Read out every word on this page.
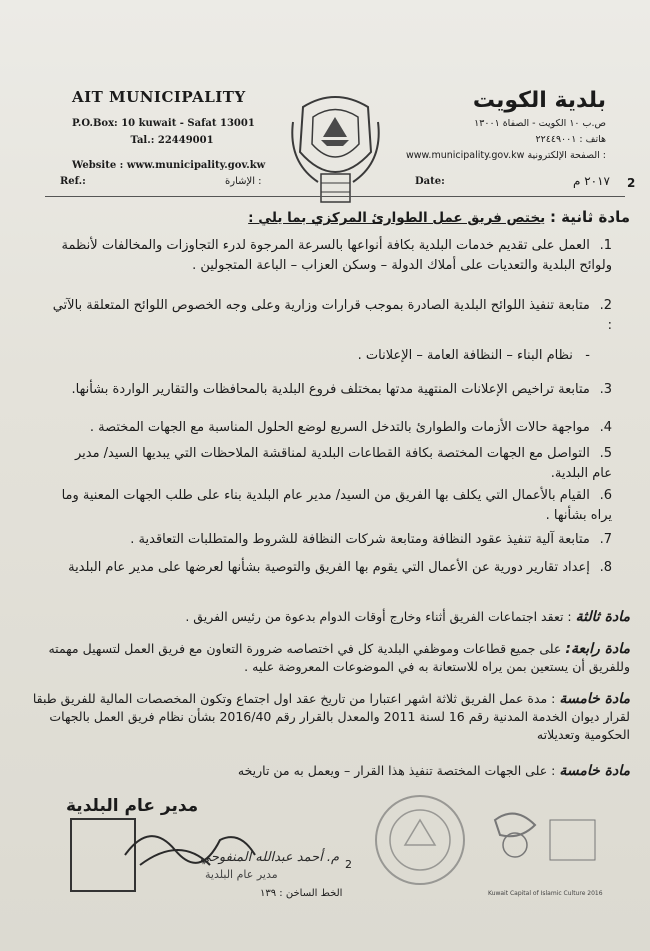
AIT MUNICIPALITY
P.O.Box: 10 kuwait - Safat 13001
Tal.: 22449001
Website : www.municipality.gov.kw
بلدية الكويت
ص.ب ١٠ الكويت - الصفاة ١٣٠٠١
هاتف : ٢٢٤٤٩٠٠١
www.municipality.gov.kw الصفحة الإلكترونية :
Ref.:	الإشارة :	Date:	٢٠١٧ م 2
مادة ثانية : يختص فريق عمل الطوارئ المركزي بما يلي :
1. العمل على تقديم خدمات البلدية بكافة أنواعها بالسرعة المرجوة لدرء التجاوزات والمخالفات لأنظمة ولوائح البلدية والتعديات على أملاك الدولة – وسكن العزاب – الباعة المتجولين .
2. متابعة تنفيذ اللوائح البلدية الصادرة بموجب قرارات وزارية وعلى وجه الخصوص اللوائح المتعلقة بالآتي :
-   نظام البناء – النظافة العامة – الإعلانات .
3. متابعة تراخيص الإعلانات المنتهية مدتها بمختلف فروع البلدية بالمحافظات والتقارير الواردة بشأنها.
4. مواجهة حالات الأزمات والطوارئ بالتدخل السريع لوضع الحلول المناسبة مع الجهات المختصة .
5. التواصل مع الجهات المختصة بكافة القطاعات البلدية لمناقشة الملاحظات التي يبديها السيد/ مدير عام البلدية.
6. القيام بالأعمال التي يكلف بها الفريق من السيد/ مدير عام البلدية بناء على طلب الجهات المعنية وما يراه بشأنها .
7. متابعة آلية تنفيذ عقود النظافة ومتابعة شركات النظافة للشروط والمتطلبات التعاقدية .
8. إعداد تقارير دورية عن الأعمال التي يقوم بها الفريق والتوصية بشأنها لعرضها على مدير عام البلدية
مادة ثالثة : تعقد اجتماعات الفريق أثناء وخارج أوقات الدوام بدعوة من رئيس الفريق .
مادة رابعة: على جميع قطاعات وموظفي البلدية كل في اختصاصه ضرورة التعاون مع فريق العمل لتسهيل مهمته وللفريق أن يستعين بمن يراه للاستعانة به في الموضوعات المعروضة عليه .
مادة خامسة : مدة عمل الفريق ثلاثة اشهر اعتبارا من تاريخ عقد اول اجتماع وتكون المخصصات المالية للفريق طبقا لقرار ديوان الخدمة المدنية رقم 16 لسنة 2011 والمعدل بالقرار رقم 2016/40 بشأن نظام فريق العمل بالجهات الحكومية وتعديلاته
مادة خامسة : على الجهات المختصة تنفيذ هذا القرار – ويعمل به من تاريخه
مدير عام البلدية
م. أحمد عبدالله المنفوحي
مدير عام البلدية
2
الخط الساخن : ١٣٩	Kuwait Capital of Islamic Culture 2016
